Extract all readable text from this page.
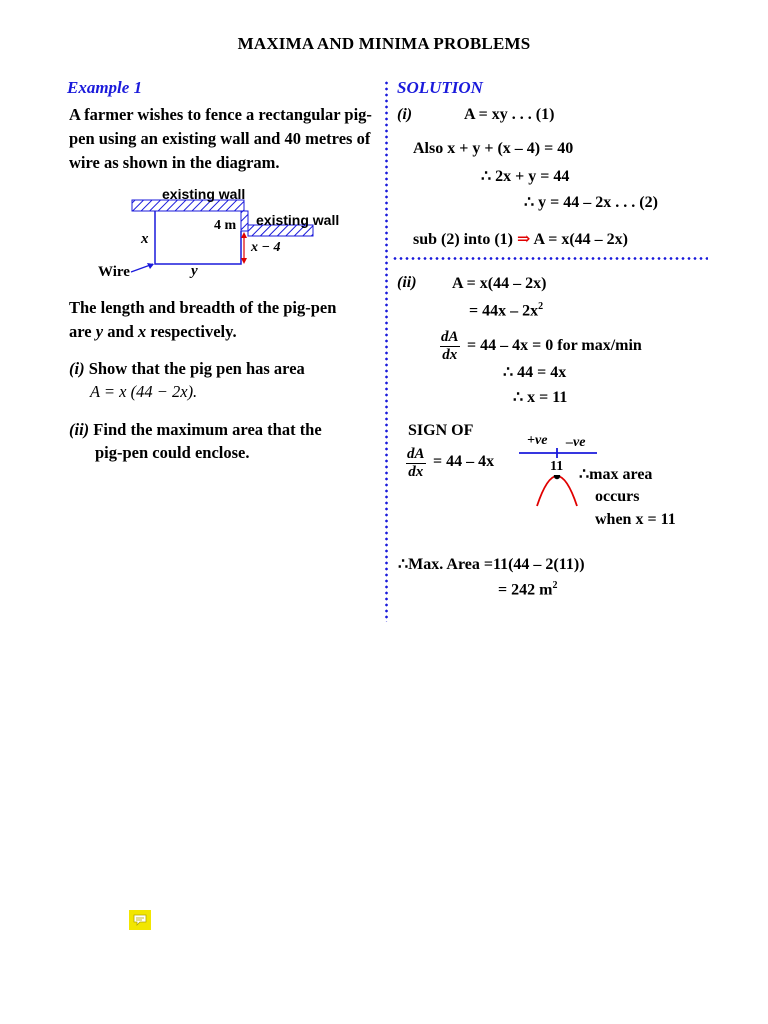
MAXIMA AND MINIMA PROBLEMS
Example 1
A farmer wishes to fence a rectangular pig-pen using an existing wall and 40 metres of wire as shown in the diagram.
existing wall
existing wall
4 m
x
x − 4
Wire	y
The length and breadth of the pig-pen
are y and x respectively.
(i) Show that the pig pen has area
A = x (44 − 2x).
(ii) Find the maximum area that the
pig-pen could enclose.
SOLUTION
(i)	A = xy . . . (1)
Also x + y + (x – 4) = 40
∴ 2x + y = 44
∴ y = 44 – 2x . . . (2)
sub (2) into (1) ⇒ A = x(44 – 2x)
(ii) A = x(44 – 2x)
= $44x - 2x^2$
$\frac{dA}{dx} = 44 - 4x = 0$ for max/min
∴ 44 = 4x
∴ x = 11
SIGN OF
$\frac{dA}{dx} = 44 - 4x$
+ve –ve
11 ∴max area
occurs
when x = 11
∴Max. Area =11(44 – 2(11))
= 242 $m^2$
